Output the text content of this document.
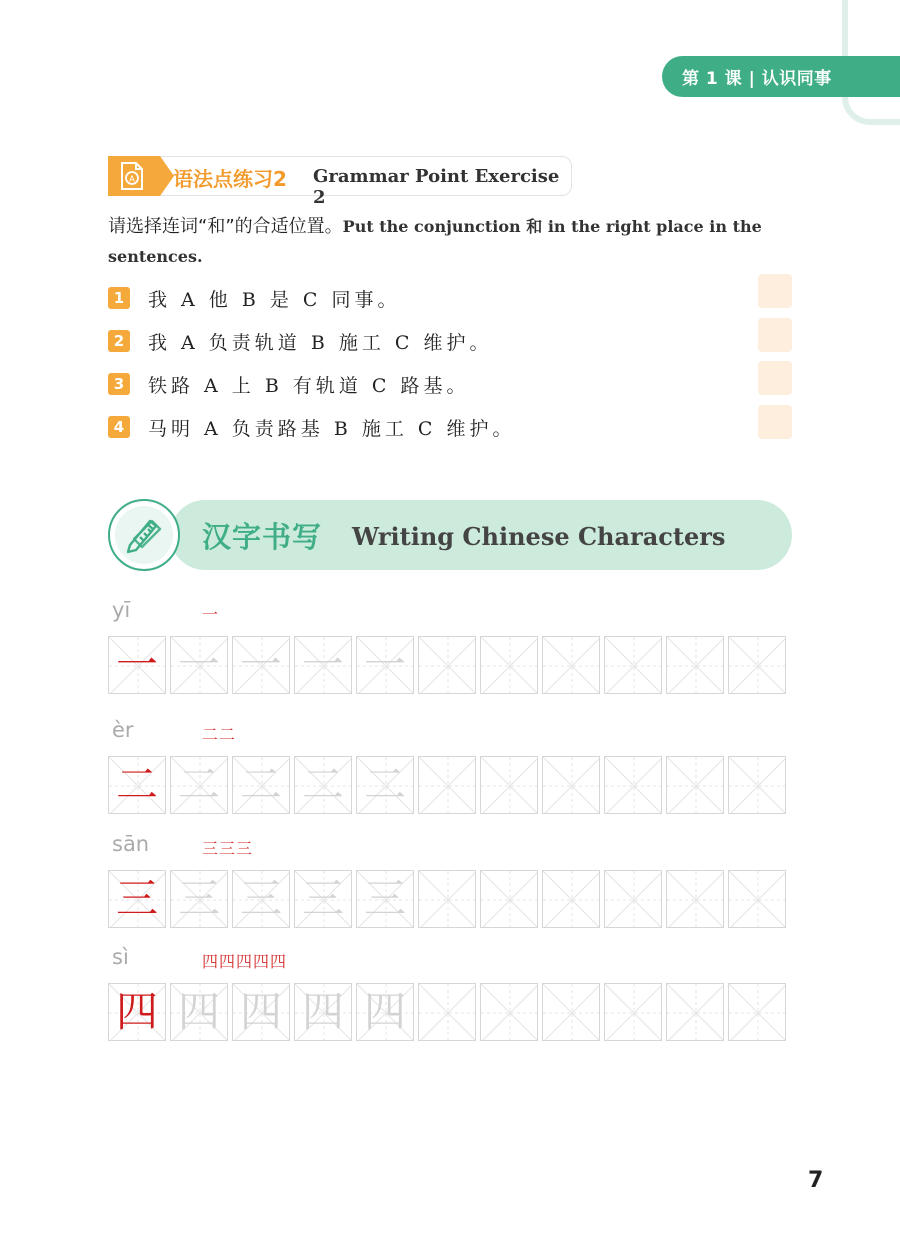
第 1 课 | 认识同事
A 语法点练习2 Grammar Point Exercise 2
请选择连词“和”的合适位置。Put the conjunction 和 in the right place in the sentences.
1	我 A 他 B 是 C 同事。
2	我 A 负责轨道 B 施工 C 维护。
3	铁路 A 上 B 有轨道 C 路基。
4	马明 A 负责路基 B 施工 C 维护。
汉字书写 Writing Chinese Characters
yī	一
一 一 一 一 一
èr	二二
二 二 二 二 二
sān	三三三
三 三 三 三 三
sì	四四四四四
四 四 四 四 四
7
